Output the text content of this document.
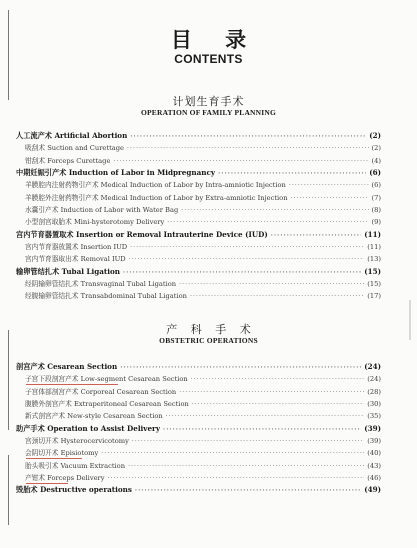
目 录
CONTENTS
计划生育手术
OPERATION OF FAMILY PLANNING
人工流产术 Artificial Abortion ·····	(2)
吸刮术 Suction and Curettage ·····	(2)
钳刮术 Forceps Curettage ·····	(4)
中期妊娠引产术 Induction of Labor in Midpregnancy ·····	(6)
羊膜腔内注射药物引产术 Medical Induction of Labor by Intra-amniotic Injection ·····	(6)
羊膜腔外注射药物引产术 Medical Induction of Labor by Extra-amniotic Injection ·····	(7)
水囊引产术 Induction of Labor with Water Bag ·····	(8)
小型剖宫取胎术 Mini-hysterotomy Delivery ·····	(9)
宫内节育器置取术 Insertion or Removal Intrauterine Device (IUD) ·····	(11)
宫内节育器放置术 Insertion IUD ·····	(11)
宫内节育器取出术 Removal IUD ·····	(13)
输卵管结扎术 Tubal Ligation ·····	(15)
经阴输卵管结扎术 Transvaginal Tubal Ligation ·····	(15)
经腹输卵管结扎术 Transabdominal Tubal Ligation ·····	(17)
产 科 手 术
OBSTETRIC OPERATIONS
剖宫产术 Cesarean Section ·····	(24)
子宫下段剖宫产术 Low-segment Cesarean Section ·····	(24)
子宫体部剖宫产术 Corporeal Cesarean Section ·····	(28)
腹膜外剖宫产术 Extraperitoneal Cesarean Section ·····	(30)
新式剖宫产术 New-style Cesarean Section ·····	(35)
助产手术 Operation to Assist Delivery ·····	(39)
宫颈切开术 Hysterocervicotomy ·····	(39)
会阴切开术 Episiotomy ·····	(40)
胎头吸引术 Vacuum Extraction ·····	(43)
产钳术 Forceps Delivery ·····	(46)
毁胎术 Destructive operations ·····	(49)
